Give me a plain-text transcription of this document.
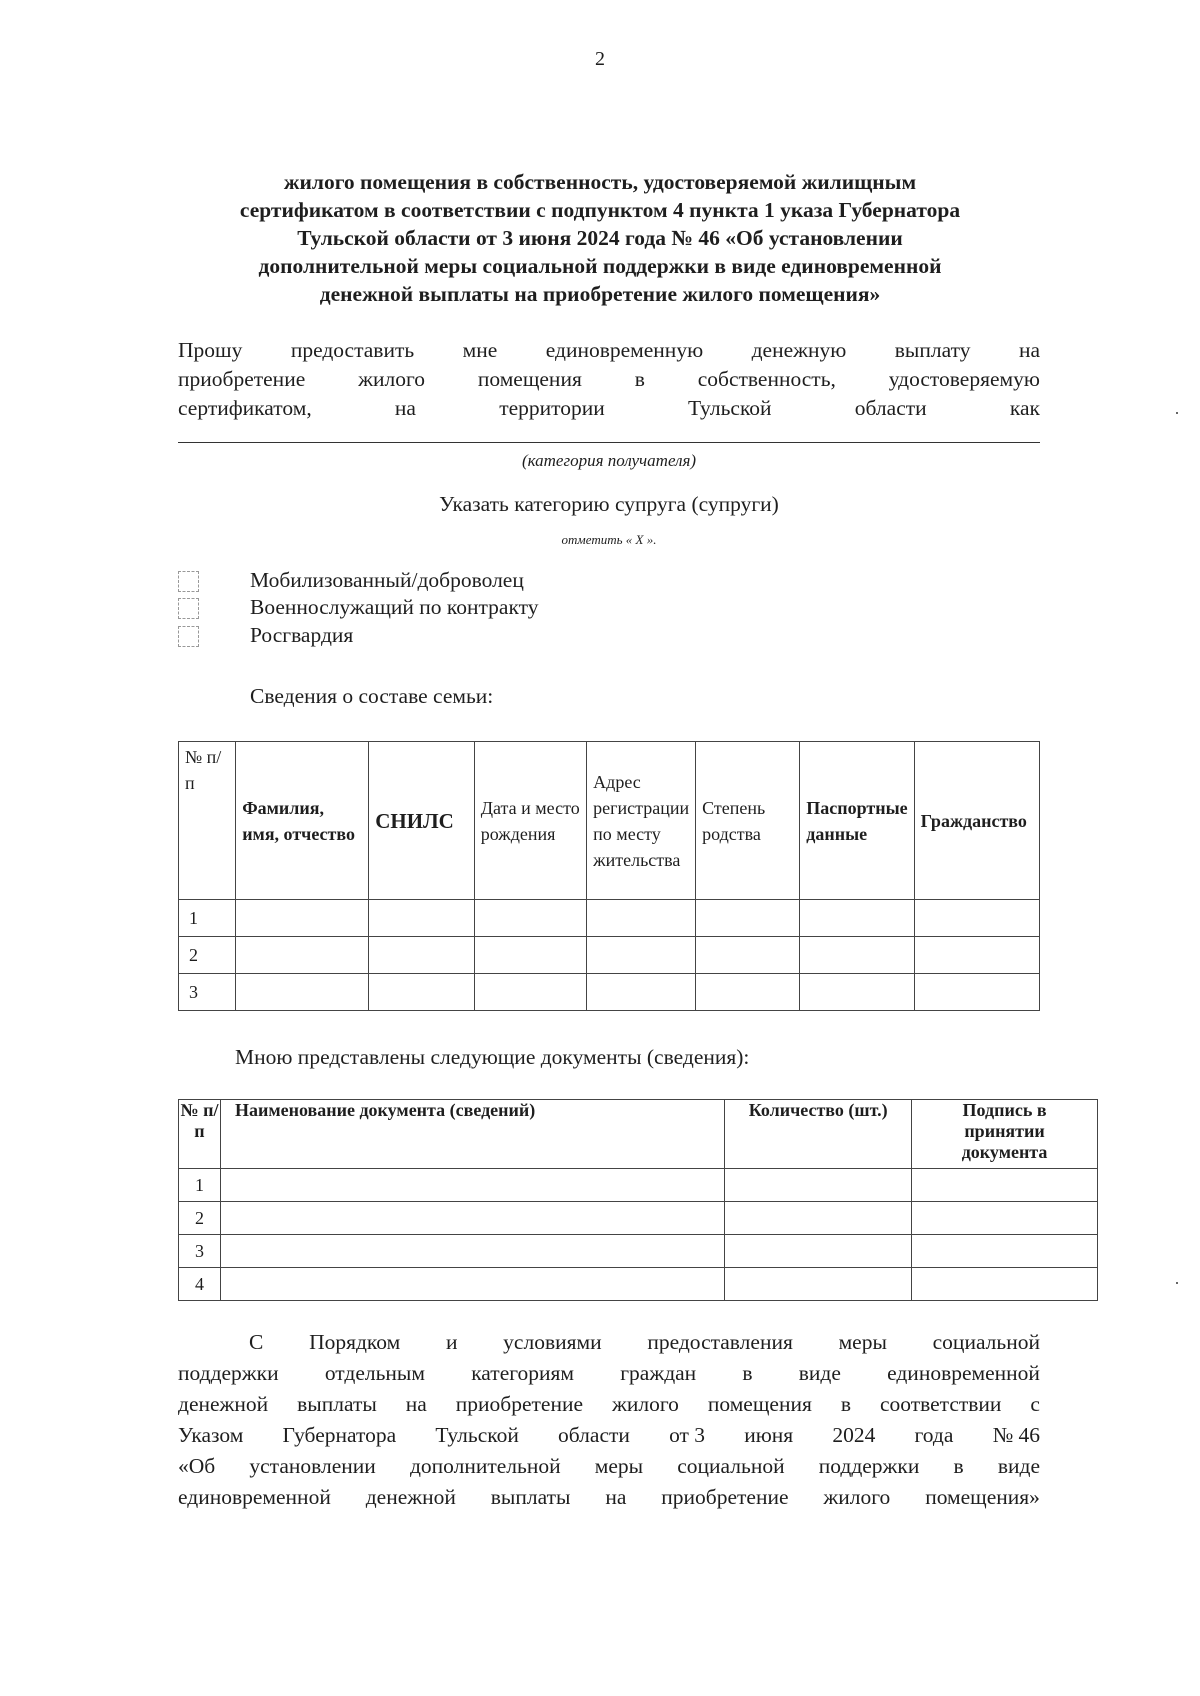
2
жилого помещения в собственность, удостоверяемой жилищным
сертификатом в соответствии с подпунктом 4 пункта 1 указа Губернатора
Тульской области от 3 июня 2024 года № 46 «Об установлении
дополнительной меры социальной поддержки в виде единовременной
денежной выплаты на приобретение жилого помещения»
Прошу предоставить мне единовременную денежную выплату на
приобретение жилого помещения в собственность, удостоверяемую
сертификатом,	на	территории	Тульской	области	как
(категория получателя)
Указать категорию супруга (супруги)
отметить « Х ».
Мобилизованный/доброволец
Военнослужащий по контракту
Росгвардия
Сведения о составе семьи:
№ п/п	Фамилия, имя, отчество	СНИЛС	Дата и место рождения	Адрес регистрации по месту жительства	Степень родства	Паспортные данные	Гражданство
1							
2							
3							
Мною представлены следующие документы (сведения):
№ п/п	Наименование документа (сведений)	Количество (шт.)	Подпись в принятии документа
1			
2			
3			
4			
С Порядком и условиями предоставления меры социальной
поддержки отдельным категориям граждан в виде единовременной
денежной выплаты на приобретение жилого помещения в соответствии с
Указом Губернатора Тульской области от 3 июня 2024 года № 46
«Об установлении дополнительной меры социальной поддержки в виде
единовременной денежной выплаты на приобретение жилого помещения»
